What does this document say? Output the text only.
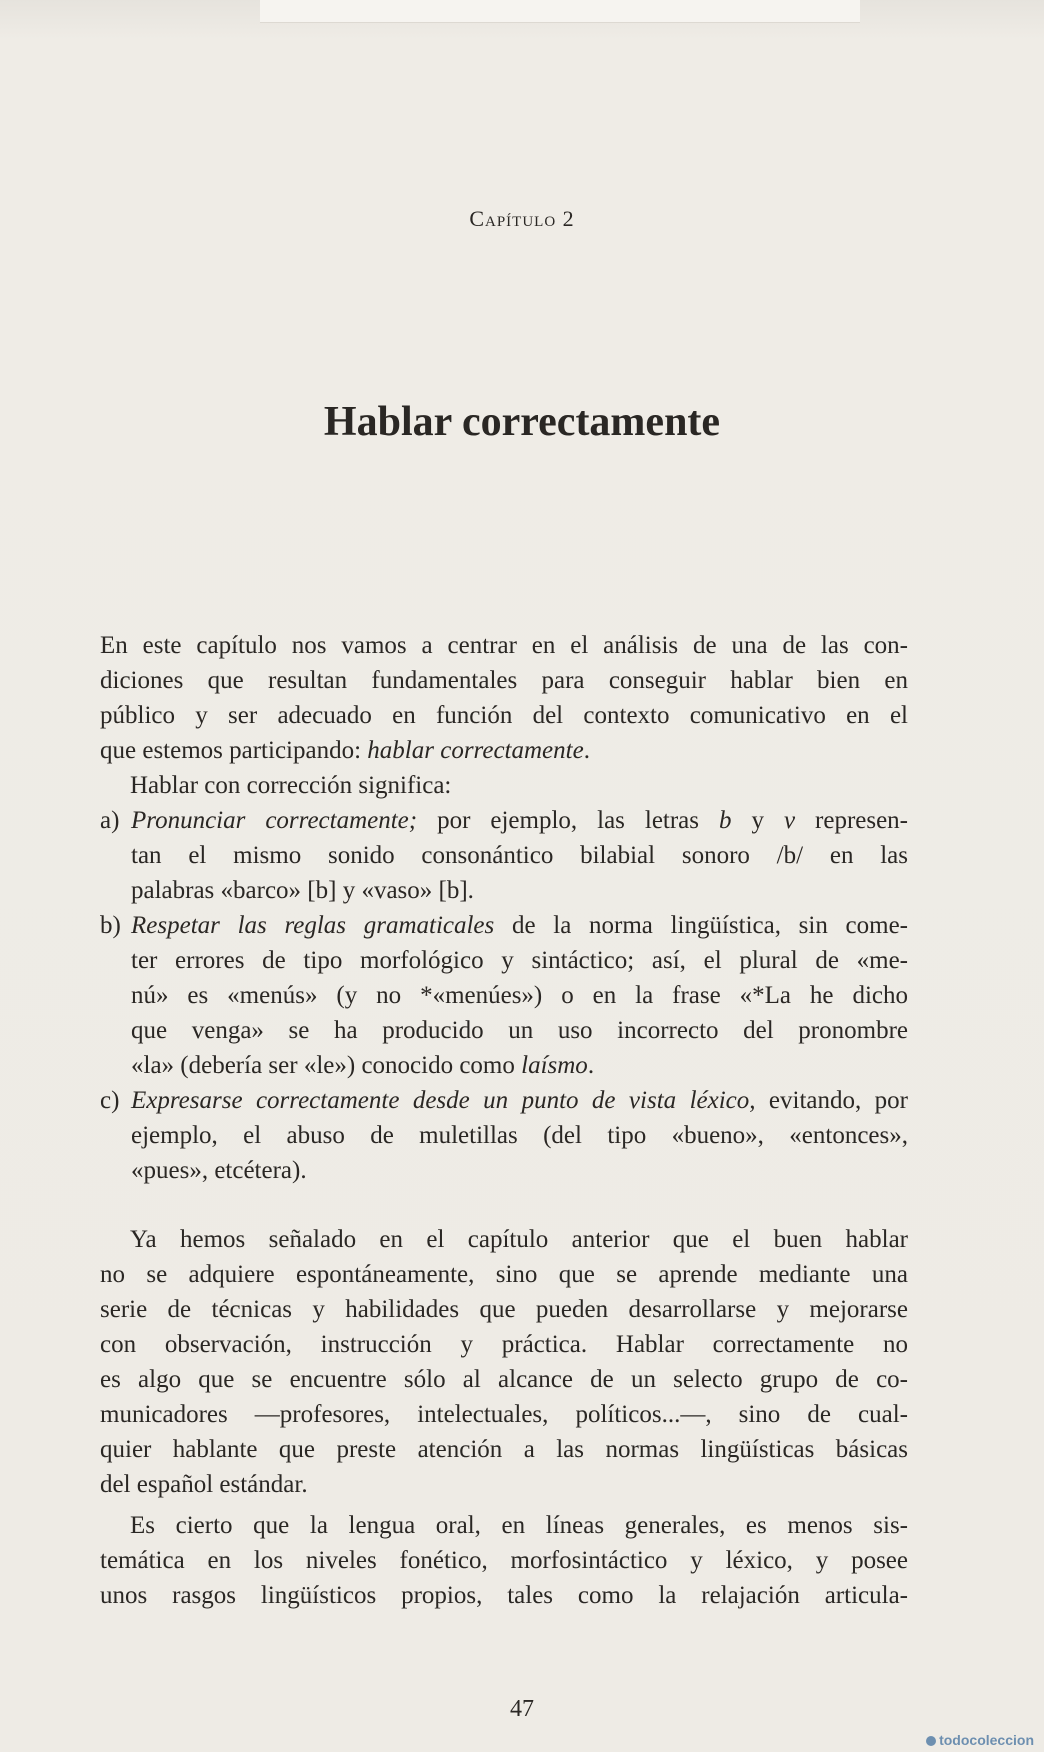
Capítulo 2
Hablar correctamente
En este capítulo nos vamos a centrar en el análisis de una de las con-
diciones que resultan fundamentales para conseguir hablar bien en
público y ser adecuado en función del contexto comunicativo en el
que estemos participando: hablar correctamente.
Hablar con corrección significa:
a) Pronunciar correctamente; por ejemplo, las letras b y v represen-
tan el mismo sonido consonántico bilabial sonoro /b/ en las
palabras «barco» [b] y «vaso» [b].
b) Respetar las reglas gramaticales de la norma lingüística, sin come-
ter errores de tipo morfológico y sintáctico; así, el plural de «me-
nú» es «menús» (y no *«menúes») o en la frase «*La he dicho
que venga» se ha producido un uso incorrecto del pronombre
«la» (debería ser «le») conocido como laísmo.
c) Expresarse correctamente desde un punto de vista léxico, evitando, por
ejemplo, el abuso de muletillas (del tipo «bueno», «entonces»,
«pues», etcétera).
Ya hemos señalado en el capítulo anterior que el buen hablar
no se adquiere espontáneamente, sino que se aprende mediante una
serie de técnicas y habilidades que pueden desarrollarse y mejorarse
con observación, instrucción y práctica. Hablar correctamente no
es algo que se encuentre sólo al alcance de un selecto grupo de co-
municadores —profesores, intelectuales, políticos...—, sino de cual-
quier hablante que preste atención a las normas lingüísticas básicas
del español estándar.
Es cierto que la lengua oral, en líneas generales, es menos sis-
temática en los niveles fonético, morfosintáctico y léxico, y posee
unos rasgos lingüísticos propios, tales como la relajación articula-
47
todocoleccion
